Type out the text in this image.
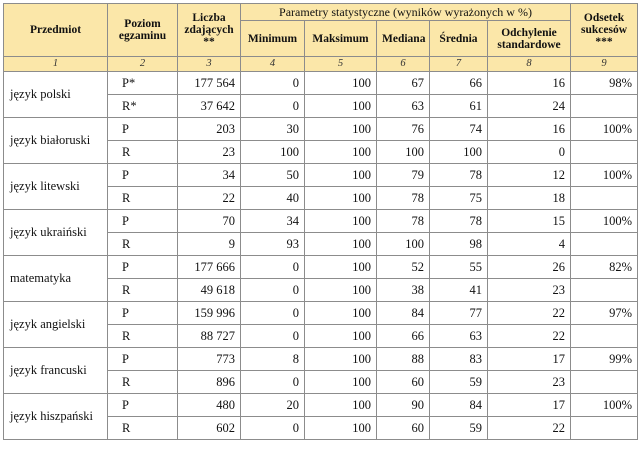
Przedmiot	Poziom egzaminu	Liczba zdających **	Parametry statystyczne (wyników wyrażonych w %)					Odsetek sukcesów ***
			Minimum	Maksimum	Mediana	Średnia	Odchylenie standardowe	
1	2	3	4	5	6	7	8	9
język polski	P*	177 564	0	100	67	66	16	98%
	R*	37 642	0	100	63	61	24	
język białoruski	P	203	30	100	76	74	16	100%
	R	23	100	100	100	100	0	
język litewski	P	34	50	100	79	78	12	100%
	R	22	40	100	78	75	18	
język ukraiński	P	70	34	100	78	78	15	100%
	R	9	93	100	100	98	4	
matematyka	P	177 666	0	100	52	55	26	82%
	R	49 618	0	100	38	41	23	
język angielski	P	159 996	0	100	84	77	22	97%
	R	88 727	0	100	66	63	22	
język francuski	P	773	8	100	88	83	17	99%
	R	896	0	100	60	59	23	
język hiszpański	P	480	20	100	90	84	17	100%
	R	602	0	100	60	59	22	
